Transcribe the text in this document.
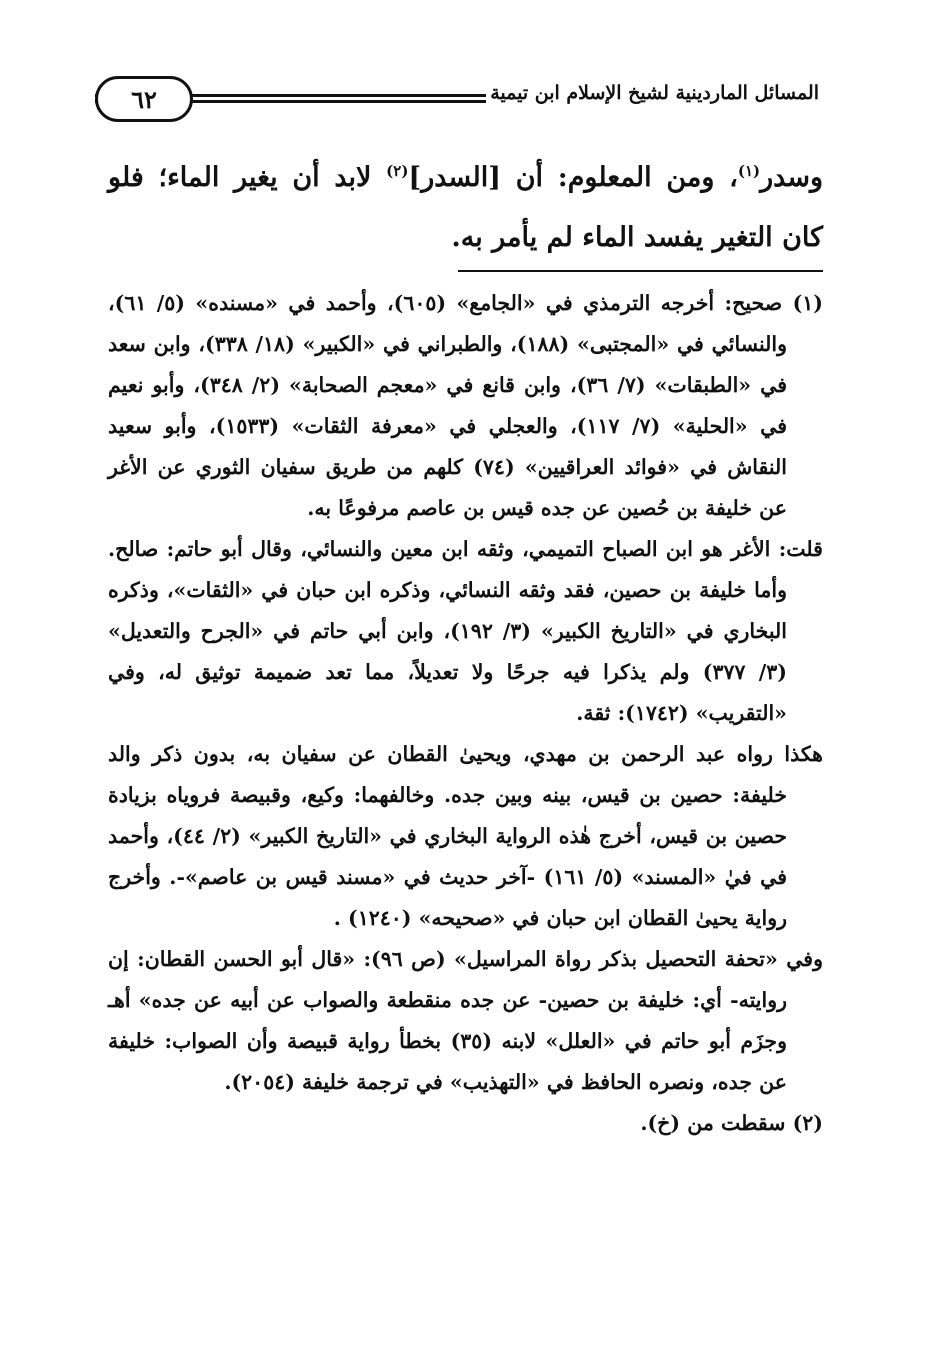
المسائل الماردينية لشيخ الإسلام ابن تيمية
٦٢

وسدر$^{(١)}$، ومن المعلوم: أن [السدر]$^{(٢)}$ لابد أن يغير الماء؛ فلو كان التغير يفسد الماء لم يأمر به.

(١) صحيح: أخرجه الترمذي في «الجامع» (٦٠٥)، وأحمد في «مسنده» (٥/ ٦١)، والنسائي في «المجتبى» (١٨٨)، والطبراني في «الكبير» (١٨/ ٣٣٨)، وابن سعد في «الطبقات» (٧/ ٣٦)، وابن قانع في «معجم الصحابة» (٢/ ٣٤٨)، وأبو نعيم في «الحلية» (٧/ ١١٧)، والعجلي في «معرفة الثقات» (١٥٣٣)، وأبو سعيد النقاش في «فوائد العراقيين» (٧٤) كلهم من طريق سفيان الثوري عن الأغر عن خليفة بن حُصين عن جده قيس بن عاصم مرفوعًا به.

قلت: الأغر هو ابن الصباح التميمي، وثقه ابن معين والنسائي، وقال أبو حاتم: صالح. وأما خليفة بن حصين، فقد وثقه النسائي، وذكره ابن حبان في «الثقات»، وذكره البخاري في «التاريخ الكبير» (٣/ ١٩٢)، وابن أبي حاتم في «الجرح والتعديل» (٣/ ٣٧٧) ولم يذكرا فيه جرحًا ولا تعديلاً، مما تعد ضميمة توثيق له، وفي «التقريب» (١٧٤٢): ثقة.

هكذا رواه عبد الرحمن بن مهدي، ويحيىٰ القطان عن سفيان به، بدون ذكر والد خليفة: حصين بن قيس، بينه وبين جده. وخالفهما: وكيع، وقبيصة فروياه بزيادة حصين بن قيس، أخرج هٰذه الرواية البخاري في «التاريخ الكبير» (٢/ ٤٤)، وأحمد في فيٰ «المسند» (٥/ ١٦١) -آخر حديث في «مسند قيس بن عاصم»-. وأخرج رواية يحيىٰ القطان ابن حبان في «صحيحه» (١٢٤٠) .

وفي «تحفة التحصيل بذكر رواة المراسيل» (ص ٩٦): «قال أبو الحسن القطان: إن روايته- أي: خليفة بن حصين- عن جده منقطعة والصواب عن أبيه عن جده» أهـ وجزَم أبو حاتم في «العلل» لابنه (٣٥) بخطأ رواية قبيصة وأن الصواب: خليفة عن جده، ونصره الحافظ في «التهذيب» في ترجمة خليفة (٢٠٥٤).

(٢) سقطت من (خ).
